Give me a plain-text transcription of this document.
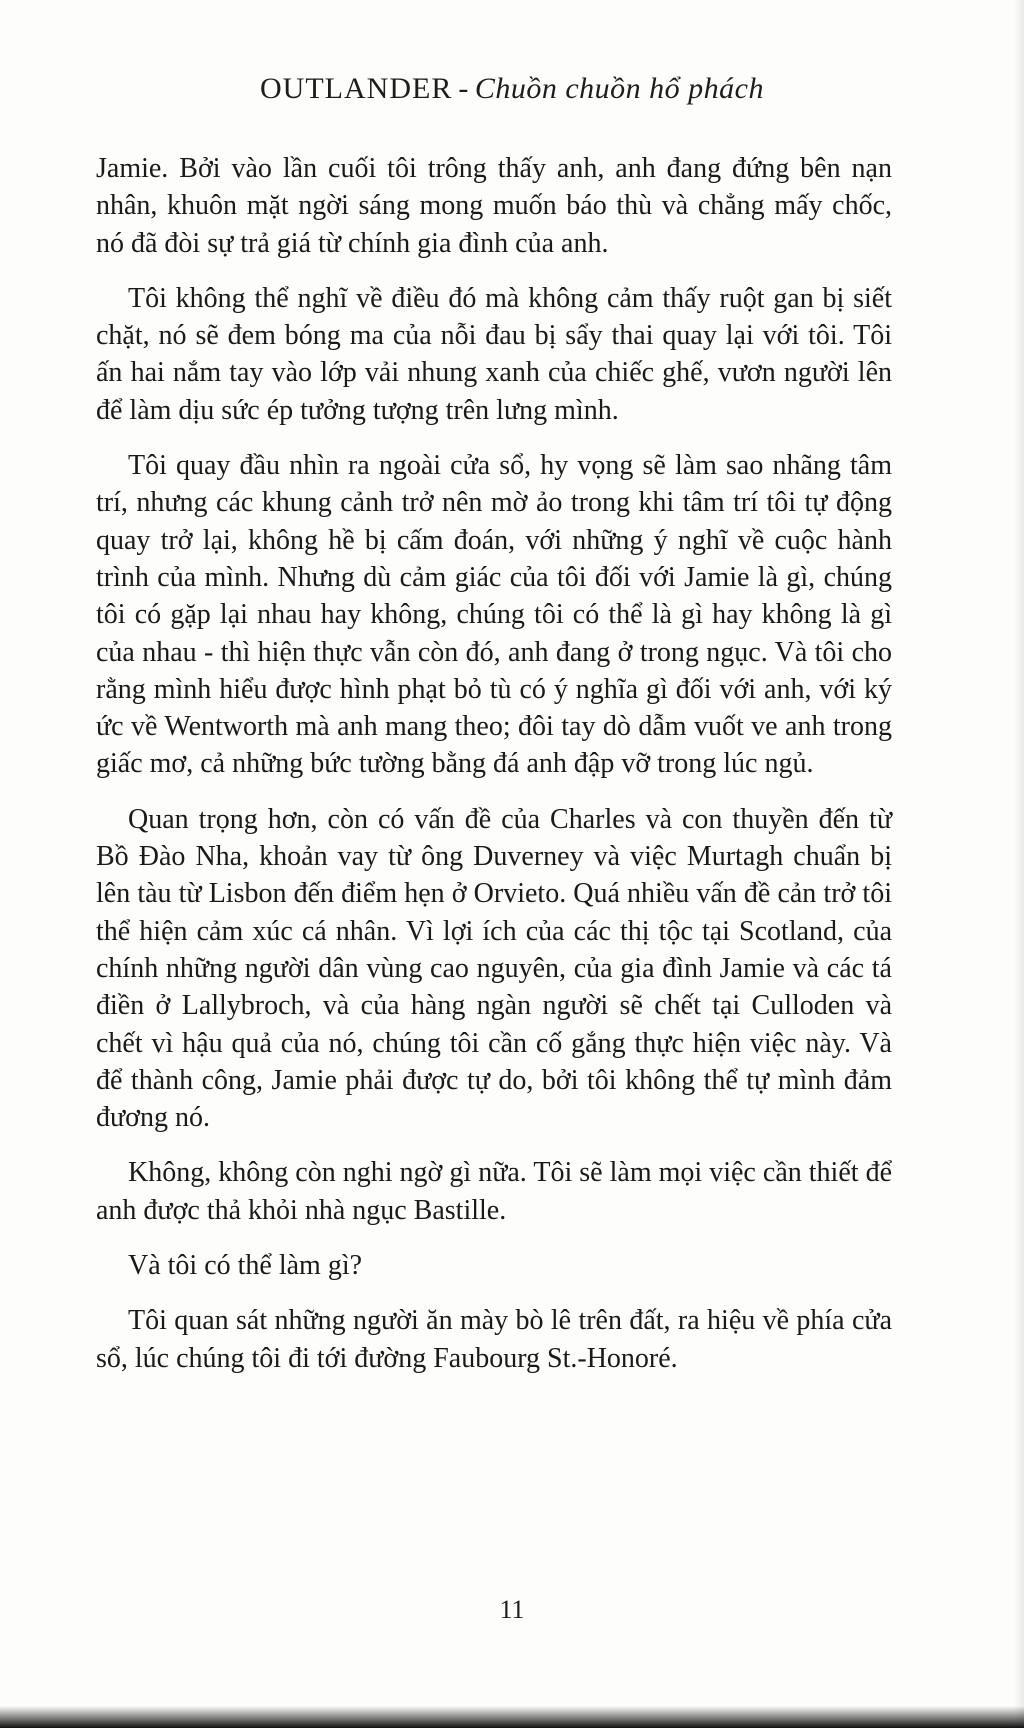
OUTLANDER - Chuồn chuồn hổ phách

Jamie. Bởi vào lần cuối tôi trông thấy anh, anh đang đứng bên nạn nhân, khuôn mặt ngời sáng mong muốn báo thù và chẳng mấy chốc, nó đã đòi sự trả giá từ chính gia đình của anh.

Tôi không thể nghĩ về điều đó mà không cảm thấy ruột gan bị siết chặt, nó sẽ đem bóng ma của nỗi đau bị sẩy thai quay lại với tôi. Tôi ấn hai nắm tay vào lớp vải nhung xanh của chiếc ghế, vươn người lên để làm dịu sức ép tưởng tượng trên lưng mình.

Tôi quay đầu nhìn ra ngoài cửa sổ, hy vọng sẽ làm sao nhãng tâm trí, nhưng các khung cảnh trở nên mờ ảo trong khi tâm trí tôi tự động quay trở lại, không hề bị cấm đoán, với những ý nghĩ về cuộc hành trình của mình. Nhưng dù cảm giác của tôi đối với Jamie là gì, chúng tôi có gặp lại nhau hay không, chúng tôi có thể là gì hay không là gì của nhau - thì hiện thực vẫn còn đó, anh đang ở trong ngục. Và tôi cho rằng mình hiểu được hình phạt bỏ tù có ý nghĩa gì đối với anh, với ký ức về Wentworth mà anh mang theo; đôi tay dò dẫm vuốt ve anh trong giấc mơ, cả những bức tường bằng đá anh đập vỡ trong lúc ngủ.

Quan trọng hơn, còn có vấn đề của Charles và con thuyền đến từ Bồ Đào Nha, khoản vay từ ông Duverney và việc Murtagh chuẩn bị lên tàu từ Lisbon đến điểm hẹn ở Orvieto. Quá nhiều vấn đề cản trở tôi thể hiện cảm xúc cá nhân. Vì lợi ích của các thị tộc tại Scotland, của chính những người dân vùng cao nguyên, của gia đình Jamie và các tá điền ở Lallybroch, và của hàng ngàn người sẽ chết tại Culloden và chết vì hậu quả của nó, chúng tôi cần cố gắng thực hiện việc này. Và để thành công, Jamie phải được tự do, bởi tôi không thể tự mình đảm đương nó.

Không, không còn nghi ngờ gì nữa. Tôi sẽ làm mọi việc cần thiết để anh được thả khỏi nhà ngục Bastille.

Và tôi có thể làm gì?

Tôi quan sát những người ăn mày bò lê trên đất, ra hiệu về phía cửa sổ, lúc chúng tôi đi tới đường Faubourg St.-Honoré.

11
